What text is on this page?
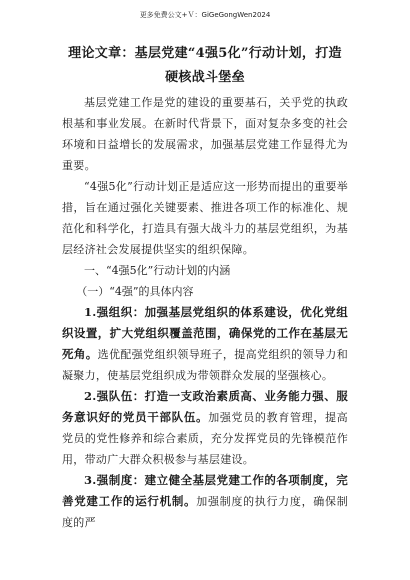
更多免费公文+Ｖ：GiGeGongWen2024
理论文章：基层党建“4强5化”行动计划，打造硬核战斗堡垒

基层党建工作是党的建设的重要基石，关乎党的执政根基和事业发展。在新时代背景下，面对复杂多变的社会环境和日益增长的发展需求，加强基层党建工作显得尤为重要。

“4强5化”行动计划正是适应这一形势而提出的重要举措，旨在通过强化关键要素、推进各项工作的标准化、规范化和科学化，打造具有强大战斗力的基层党组织，为基层经济社会发展提供坚实的组织保障。

一、“4强5化”行动计划的内涵
（一）“4强”的具体内容

1.强组织：加强基层党组织的体系建设，优化党组织设置，扩大党组织覆盖范围，确保党的工作在基层无死角。选优配强党组织领导班子，提高党组织的领导力和凝聚力，使基层党组织成为带领群众发展的坚强核心。

2.强队伍：打造一支政治素质高、业务能力强、服务意识好的党员干部队伍。加强党员的教育管理，提高党员的党性修养和综合素质，充分发挥党员的先锋模范作用，带动广大群众积极参与基层建设。

3.强制度：建立健全基层党建工作的各项制度，完善党建工作的运行机制。加强制度的执行力度，确保制度的严
